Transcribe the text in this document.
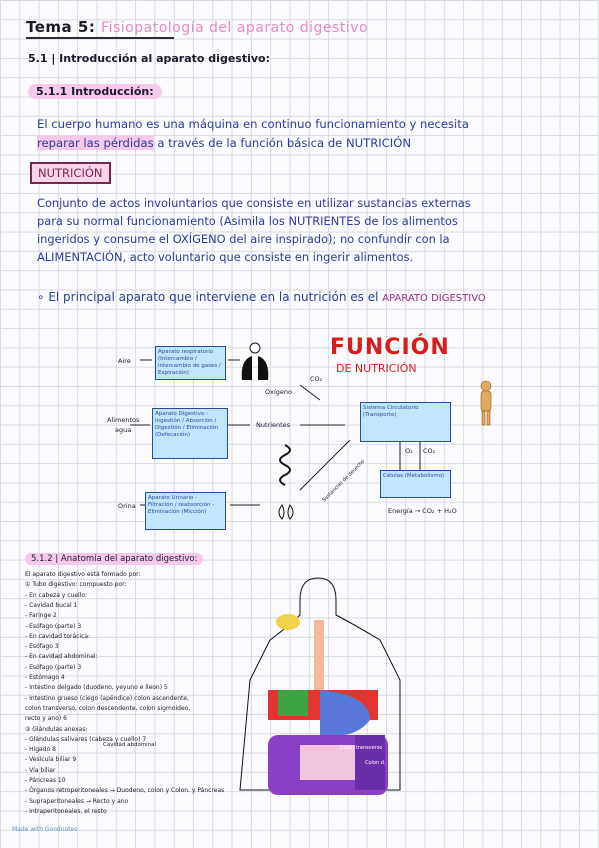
Tema 5: Fisiopatología del aparato digestivo
5.1 | Introducción al aparato digestivo:
5.1.1 Introducción:
El cuerpo humano es una máquina en continuo funcionamiento y necesita
reparar las pérdidas a través de la función básica de NUTRICIÓN
NUTRICIÓN
Conjunto de actos involuntarios que consiste en utilizar sustancias externas
para su normal funcionamiento (Asimila los NUTRIENTES de los alimentos
ingeridos y consume el OXÍGENO del aire inspirado); no confundir con la
ALIMENTACIÓN, acto voluntario que consiste en ingerir alimentos.
∘ El principal aparato que interviene en la nutrición es el APARATO DIGESTIVO
FUNCIÓN
DE NUTRICIÓN
Aire
Aparato respiratorio (Intercambio / intercambio de gases / Expiración)
Oxígeno
CO₂
Alimentos
agua
Aparato Digestivo - Ingestión / Absorción / Digestión / Eliminación (Defecación)
Nutrientes
Sistema Circulatorio (Transporte)
O₂ CO₂
Células (Metabolismo)
Energía → CO₂ + H₂O
Orina
Aparato Urinario - Filtración / reabsorción - Eliminación (Micción)
Sustancias de desecho
5.1.2 | Anatomía del aparato digestivo:
El aparato digestivo está formado por:
① Tubo digestivo: compuesto por:
- En cabeza y cuello:
- Cavidad bucal 1
- Faringe 2
- Esófago (parte) 3
- En cavidad torácica:
- Esófago 3
- En cavidad abdominal:
- Esófago (parte) 3
- Estómago 4
- Intestino delgado (duodeno, yeyuno e íleon) 5
- Intestino grueso (ciego (apéndice) colon ascendente,
colon transverso, colon descendente, colon sigmoideo,
recto y ano) 6
② Glándulas anexas:
- Glándulas salivares (cabeza y cuello) 7
- Hígado 8
- Vesícula biliar 9
- Vía biliar
- Páncreas 10
- Órganos retroperitoneales → Duodeno, colon y Colon. y Páncreas
- Supraperitoneales → Recto y ano
- Intraperitoneales, el resto
Cavidad abdominal	Colon transverso
Colon d.
Made with Goodnotes
